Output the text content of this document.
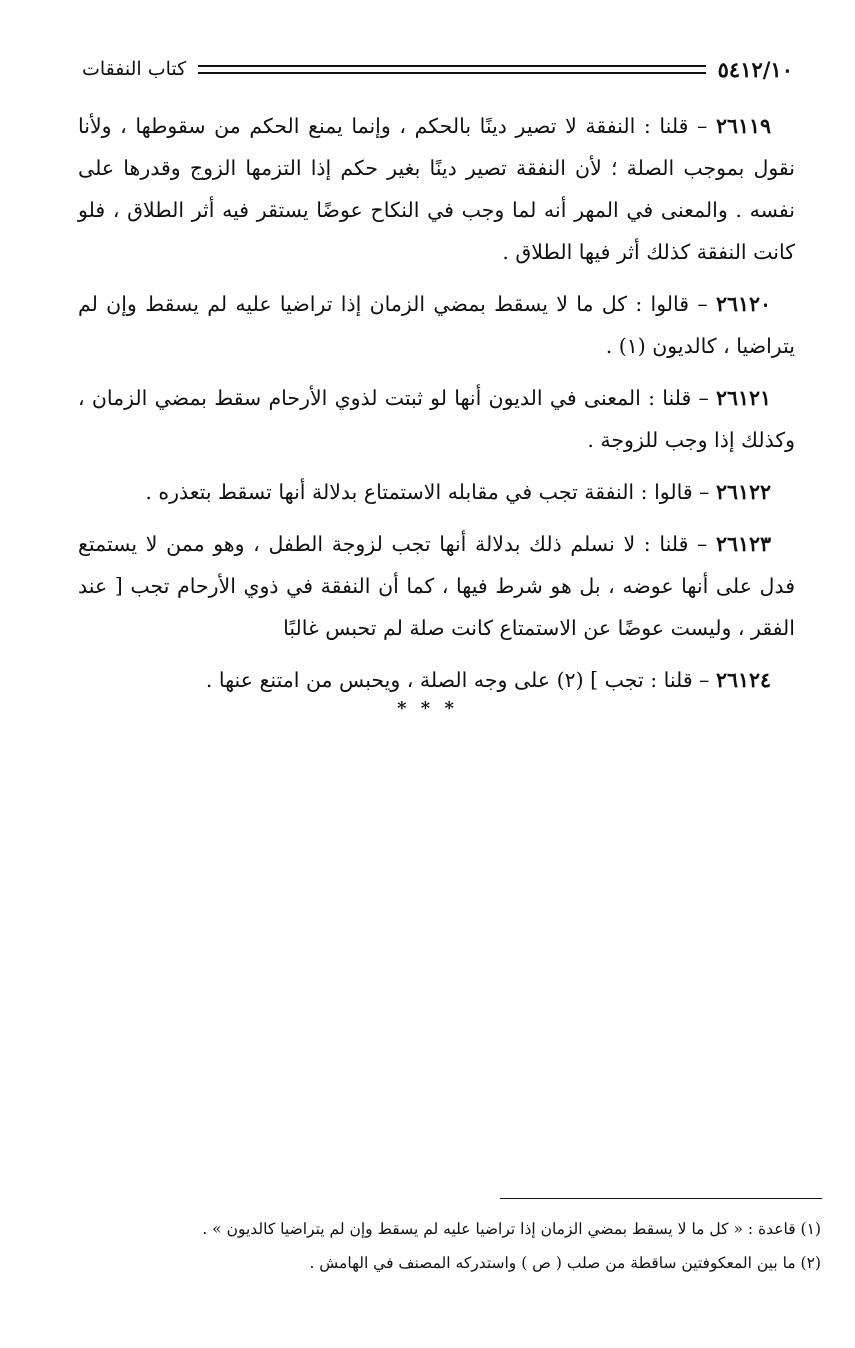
كتاب النفقات	٥٤١٢/١٠

٢٦١١٩ – قلنا : النفقة لا تصير دينًا بالحكم ، وإنما يمنع الحكم من سقوطها ، ولأنا نقول بموجب الصلة ؛ لأن النفقة تصير دينًا بغير حكم إذا التزمها الزوج وقدرها على نفسه . والمعنى في المهر أنه لما وجب في النكاح عوضًا يستقر فيه أثر الطلاق ، فلو كانت النفقة كذلك أثر فيها الطلاق .

٢٦١٢٠ – قالوا : كل ما لا يسقط بمضي الزمان إذا تراضيا عليه لم يسقط وإن لم يتراضيا ، كالديون (١) .

٢٦١٢١ – قلنا : المعنى في الديون أنها لو ثبتت لذوي الأرحام سقط بمضي الزمان ، وكذلك إذا وجب للزوجة .

٢٦١٢٢ – قالوا : النفقة تجب في مقابله الاستمتاع بدلالة أنها تسقط بتعذره .

٢٦١٢٣ – قلنا : لا نسلم ذلك بدلالة أنها تجب لزوجة الطفل ، وهو ممن لا يستمتع فدل على أنها عوضه ، بل هو شرط فيها ، كما أن النفقة في ذوي الأرحام تجب [ عند الفقر ، وليست عوضًا عن الاستمتاع كانت صلة لم تحبس غالبًا

٢٦١٢٤ – قلنا : تجب ] (٢) على وجه الصلة ، ويحبس من امتنع عنها .

* * *

(١) قاعدة : « كل ما لا يسقط بمضي الزمان إذا تراضيا عليه لم يسقط وإن لم يتراضيا كالديون » .

(٢) ما بين المعكوفتين ساقطة من صلب ( ص ) واستدركه المصنف في الهامش .
